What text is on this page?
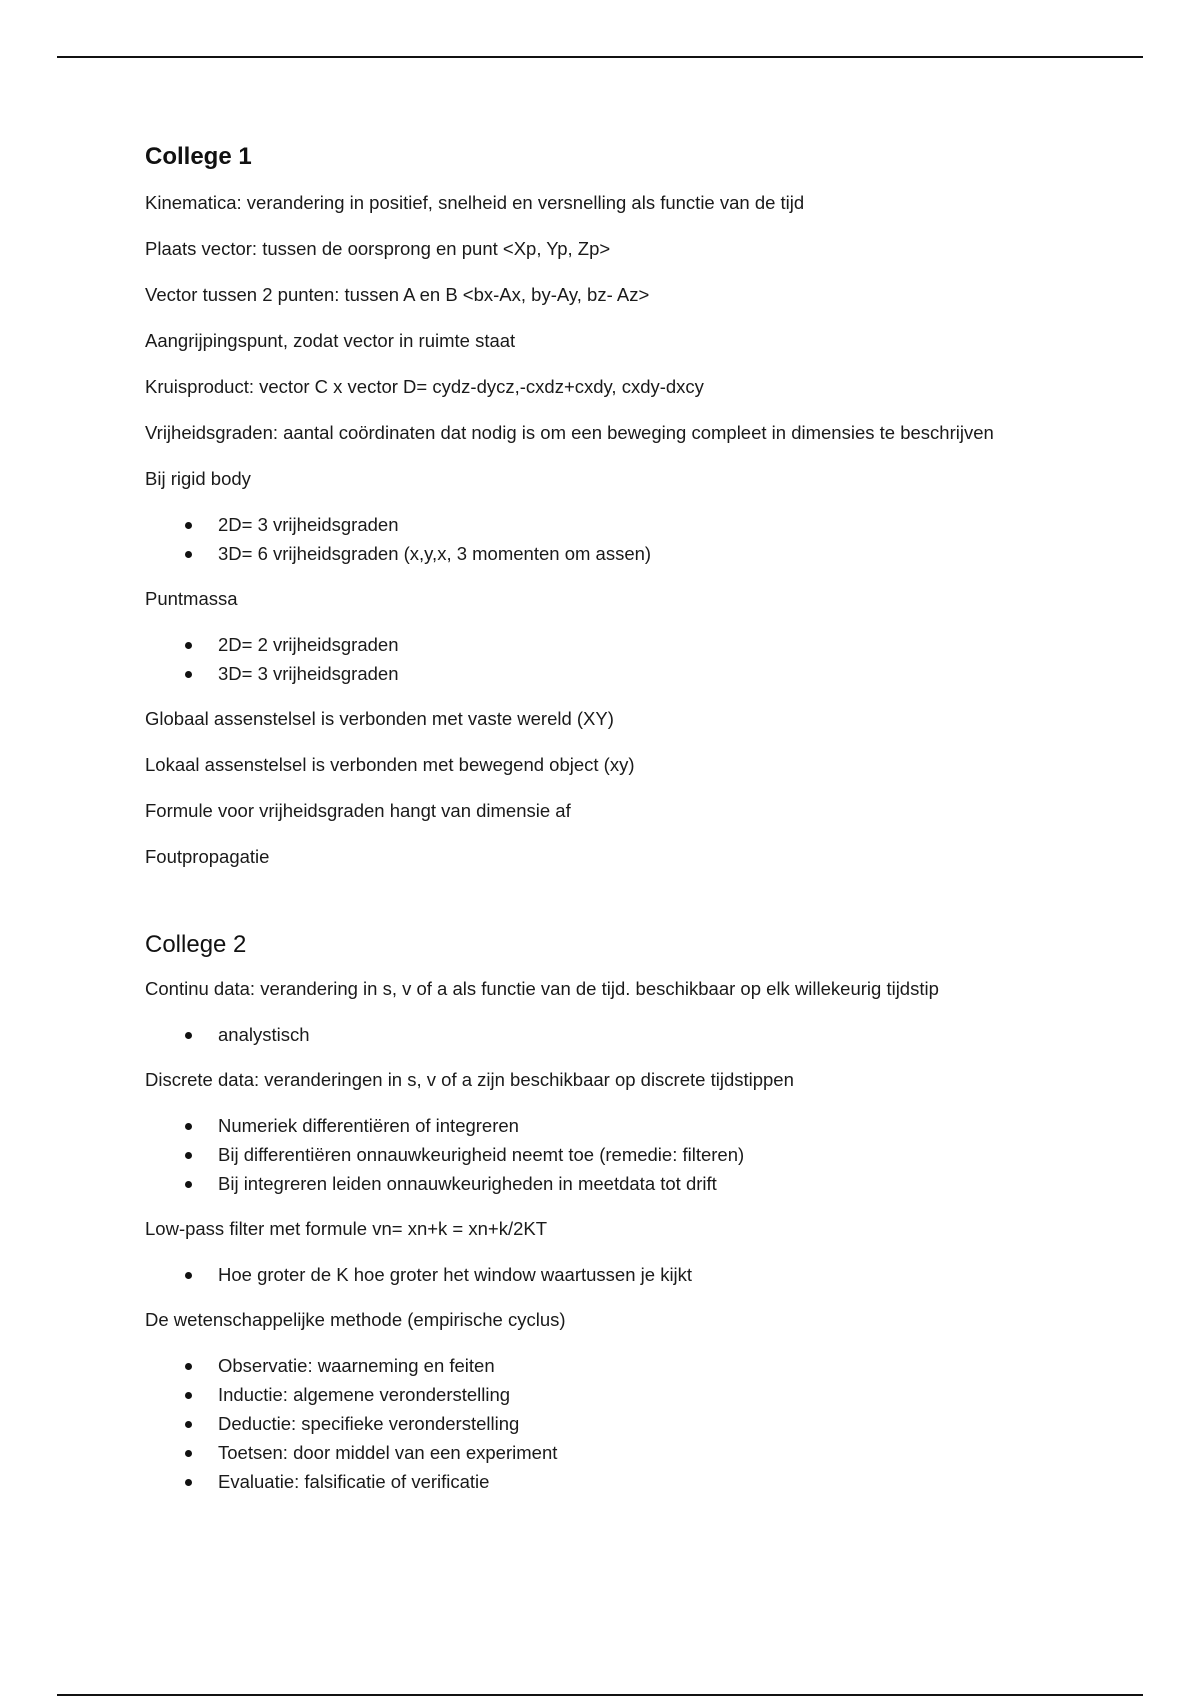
College 1

Kinematica: verandering in positief, snelheid en versnelling als functie van de tijd

Plaats vector: tussen de oorsprong en punt <Xp, Yp, Zp>

Vector tussen 2 punten: tussen A en B <bx-Ax, by-Ay, bz- Az>

Aangrijpingspunt, zodat vector in ruimte staat

Kruisproduct: vector C x vector D= cydz-dycz,-cxdz+cxdy, cxdy-dxcy

Vrijheidsgraden: aantal coördinaten dat nodig is om een beweging compleet in dimensies te beschrijven

Bij rigid body

2D= 3 vrijheidsgraden
3D= 6 vrijheidsgraden (x,y,x, 3 momenten om assen)

Puntmassa

2D= 2 vrijheidsgraden
3D= 3 vrijheidsgraden

Globaal assenstelsel is verbonden met vaste wereld (XY)

Lokaal assenstelsel is verbonden met bewegend object (xy)

Formule voor vrijheidsgraden hangt van dimensie af

Foutpropagatie

College 2

Continu data: verandering in s, v of a als functie van de tijd. beschikbaar op elk willekeurig tijdstip

analystisch

Discrete data: veranderingen in s, v of a zijn beschikbaar op discrete tijdstippen

Numeriek differentiëren of integreren
Bij differentiëren onnauwkeurigheid neemt toe (remedie: filteren)
Bij integreren leiden onnauwkeurigheden in meetdata tot drift

Low-pass filter met formule vn= xn+k = xn+k/2KT

Hoe groter de K hoe groter het window waartussen je kijkt

De wetenschappelijke methode (empirische cyclus)

Observatie: waarneming en feiten
Inductie: algemene veronderstelling
Deductie: specifieke veronderstelling
Toetsen: door middel van een experiment
Evaluatie: falsificatie of verificatie
